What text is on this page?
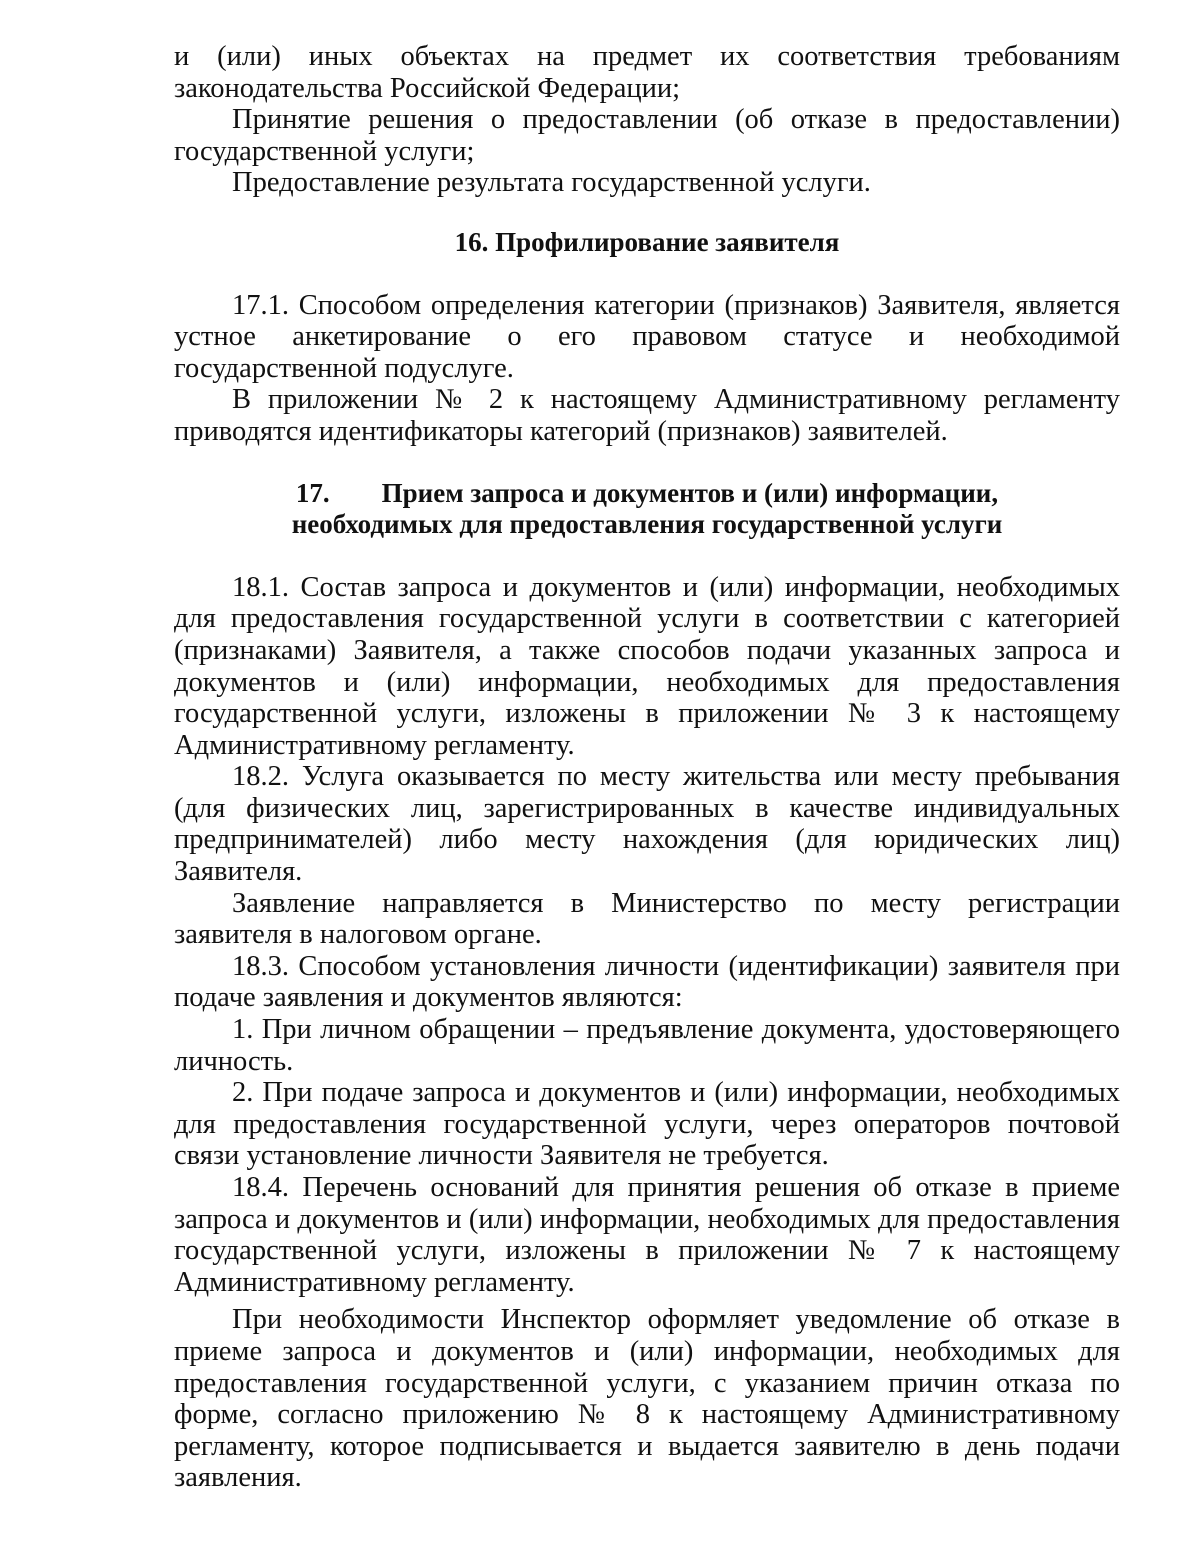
и (или) иных объектах на предмет их соответствия требованиям законодательства Российской Федерации;

Принятие решения о предоставлении (об отказе в предоставлении) государственной услуги;

Предоставление результата государственной услуги.

16. Профилирование заявителя

17.1. Способом определения категории (признаков) Заявителя, является устное анкетирование о его правовом статусе и необходимой государственной подуслуге.

В приложении № 2 к настоящему Административному регламенту приводятся идентификаторы категорий (признаков) заявителей.

17. Прием запроса и документов и (или) информации,
необходимых для предоставления государственной услуги

18.1. Состав запроса и документов и (или) информации, необходимых для предоставления государственной услуги в соответствии с категорией (признаками) Заявителя, а также способов подачи указанных запроса и документов и (или) информации, необходимых для предоставления государственной услуги, изложены в приложении № 3 к настоящему Административному регламенту.

18.2. Услуга оказывается по месту жительства или месту пребывания (для физических лиц, зарегистрированных в качестве индивидуальных предпринимателей) либо месту нахождения (для юридических лиц) Заявителя.

Заявление направляется в Министерство по месту регистрации заявителя в налоговом органе.

18.3. Способом установления личности (идентификации) заявителя при подаче заявления и документов являются:

1. При личном обращении – предъявление документа, удостоверяющего личность.

2. При подаче запроса и документов и (или) информации, необходимых для предоставления государственной услуги, через операторов почтовой связи установление личности Заявителя не требуется.

18.4. Перечень оснований для принятия решения об отказе в приеме запроса и документов и (или) информации, необходимых для предоставления государственной услуги, изложены в приложении № 7 к настоящему Административному регламенту.

При необходимости Инспектор оформляет уведомление об отказе в приеме запроса и документов и (или) информации, необходимых для предоставления государственной услуги, с указанием причин отказа по форме, согласно приложению № 8 к настоящему Административному регламенту, которое подписывается и выдается заявителю в день подачи заявления.
